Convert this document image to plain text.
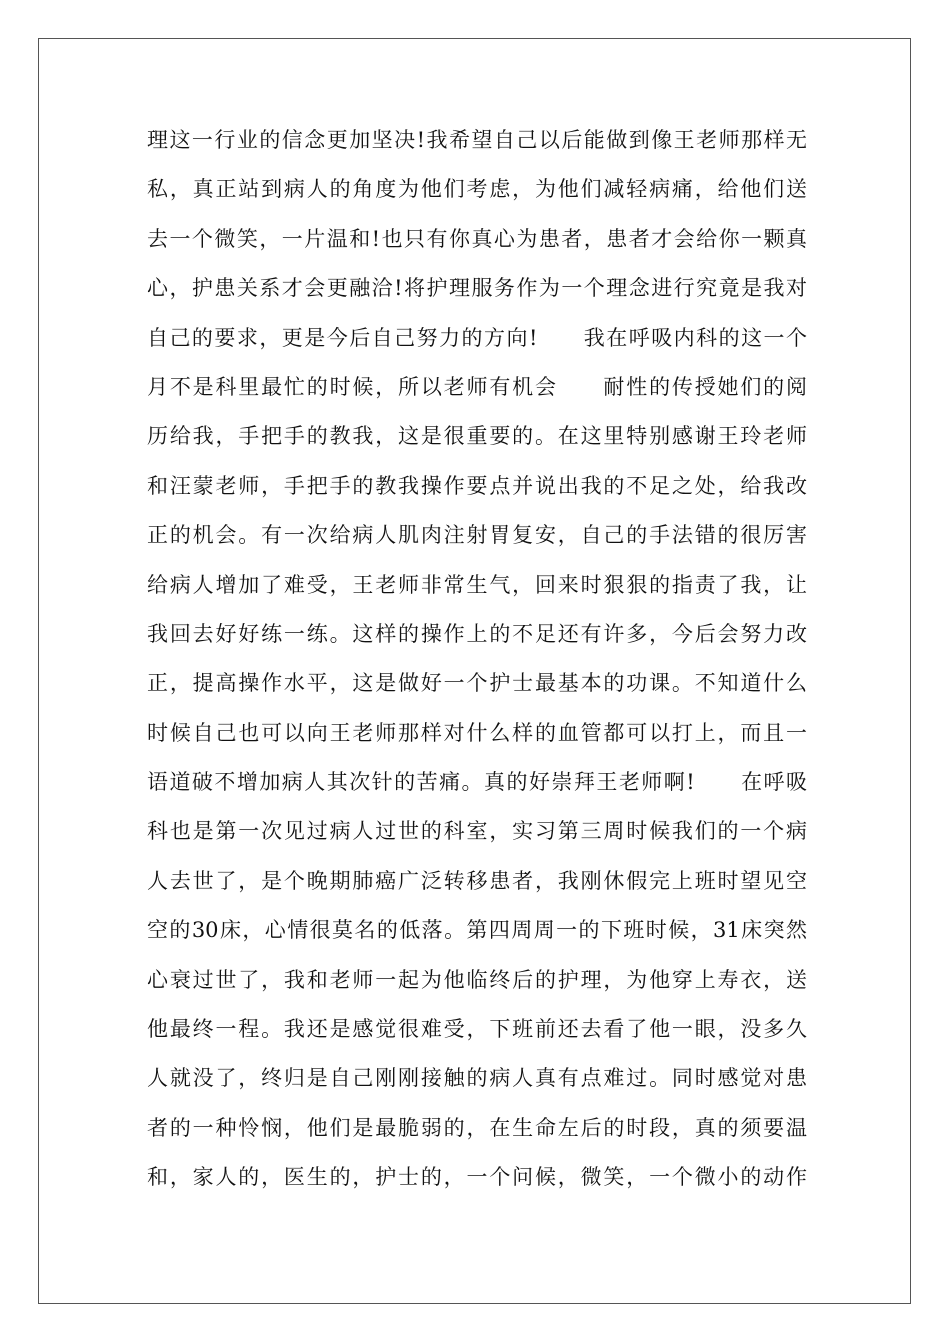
理这一行业的信念更加坚决!我希望自己以后能做到像王老师那样无
私，真正站到病人的角度为他们考虑，为他们减轻病痛，给他们送
去一个微笑，一片温和!也只有你真心为患者，患者才会给你一颗真
心，护患关系才会更融洽!将护理服务作为一个理念进行究竟是我对
自己的要求，更是今后自己努力的方向!　　我在呼吸内科的这一个
月不是科里最忙的时候，所以老师有机会　　耐性的传授她们的阅
历给我，手把手的教我，这是很重要的。在这里特别感谢王玲老师
和汪蒙老师，手把手的教我操作要点并说出我的不足之处，给我改
正的机会。有一次给病人肌肉注射胃复安，自己的手法错的很厉害
给病人增加了难受，王老师非常生气，回来时狠狠的指责了我，让
我回去好好练一练。这样的操作上的不足还有许多，今后会努力改
正，提高操作水平，这是做好一个护士最基本的功课。不知道什么
时候自己也可以向王老师那样对什么样的血管都可以打上，而且一
语道破不增加病人其次针的苦痛。真的好崇拜王老师啊!　　在呼吸
科也是第一次见过病人过世的科室，实习第三周时候我们的一个病
人去世了，是个晚期肺癌广泛转移患者，我刚休假完上班时望见空
空的30床，心情很莫名的低落。第四周周一的下班时候，31床突然
心衰过世了，我和老师一起为他临终后的护理，为他穿上寿衣，送
他最终一程。我还是感觉很难受，下班前还去看了他一眼，没多久
人就没了，终归是自己刚刚接触的病人真有点难过。同时感觉对患
者的一种怜悯，他们是最脆弱的，在生命左后的时段，真的须要温
和，家人的，医生的，护士的，一个问候，微笑，一个微小的动作
